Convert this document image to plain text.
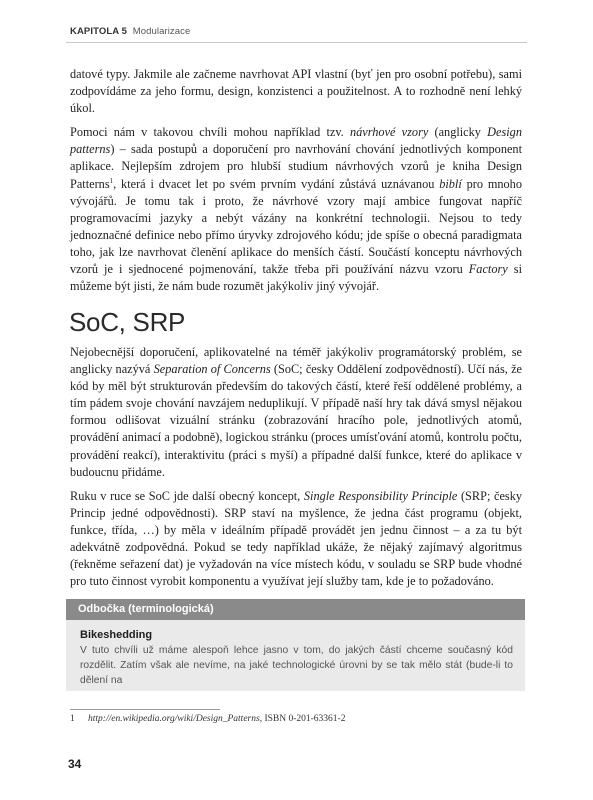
KAPITOLA 5 Modularizace

datové typy. Jakmile ale začneme navrhovat API vlastní (byť jen pro osobní potřebu), sami zodpovídáme za jeho formu, design, konzistenci a použitelnost. A to rozhodně není lehký úkol.

Pomoci nám v takovou chvíli mohou například tzv. návrhové vzory (anglicky Design patterns) – sada postupů a doporučení pro navrhování chování jednotlivých komponent aplikace. Nejlepším zdrojem pro hlubší studium návrhových vzorů je kniha Design Patterns$^1$, která i dvacet let po svém prvním vydání zůstává uznávanou biblí pro mnoho vývojářů. Je tomu tak i proto, že návrhové vzory mají ambice fungovat napříč programovacími jazyky a nebýt vázány na konkrétní technologii. Nejsou to tedy jednoznačné definice nebo přímo úryvky zdrojového kódu; jde spíše o obecná paradigmata toho, jak lze navrhovat členění aplikace do menších částí. Součástí konceptu návrhových vzorů je i sjednocené pojmenování, takže třeba při používání názvu vzoru Factory si můžeme být jisti, že nám bude rozumět jakýkoliv jiný vývojář.

SoC, SRP

Nejobecnější doporučení, aplikovatelné na téměř jakýkoliv programátorský problém, se anglicky nazývá Separation of Concerns (SoC; česky Oddělení zodpovědností). Učí nás, že kód by měl být strukturován především do takových částí, které řeší oddělené problémy, a tím pádem svoje chování navzájem neduplikují. V případě naší hry tak dává smysl nějakou formou odlišovat vizuální stránku (zobrazování hracího pole, jednotlivých atomů, provádění animací a podobně), logickou stránku (proces umísťování atomů, kontrolu počtu, provádění reakcí), interaktivitu (práci s myší) a případné další funkce, které do aplikace v budoucnu přidáme.

Ruku v ruce se SoC jde další obecný koncept, Single Responsibility Principle (SRP; česky Princip jedné odpovědnosti). SRP staví na myšlence, že jedna část programu (objekt, funkce, třída, …) by měla v ideálním případě provádět jen jednu činnost – a za tu být adekvátně zodpovědná. Pokud se tedy například ukáže, že nějaký zajímavý algoritmus (řekněme seřazení dat) je vyžadován na více místech kódu, v souladu se SRP bude vhodné pro tuto činnost vyrobit komponentu a využívat její služby tam, kde je to požadováno.

Odbočka (terminologická)
Bikeshedding
V tuto chvíli už máme alespoň lehce jasno v tom, do jakých částí chceme současný kód rozdělit. Zatím však ale nevíme, na jaké technologické úrovni by se tak mělo stát (bude-li to dělení na
1 http://en.wikipedia.org/wiki/Design_Patterns, ISBN 0-201-63361-2
34
